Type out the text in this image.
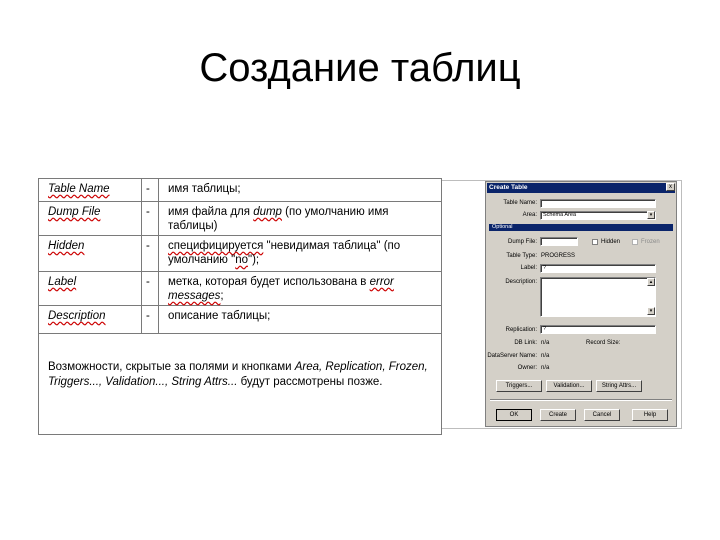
Создание таблиц
Table Name	-	имя таблицы;
Dump File	-	имя файла для dump (по умолчанию имя таблицы)
Hidden	-	специфицируется "невидимая таблица" (по умолчанию "no");
Label	-	метка, которая будет использована в error messages;
Description	-	описание таблицы;
Возможности, скрытые за полями и кнопками Area, Replication, Frozen, Triggers..., Validation..., String Attrs... будут рассмотрены позже.		
Create Table	x
Table Name:
Area:	Schema Area	▾
Optional
Dump File:	Hidden	Frozen
Table Type: PROGRESS
Label:	?
Description:	▴
▾
Replication:	?
DB Link: n/a	Record Size:
DataServer Name: n/a
Owner: n/a
Triggers...	Validation...	String Attrs...
OK	Create	Cancel	Help
